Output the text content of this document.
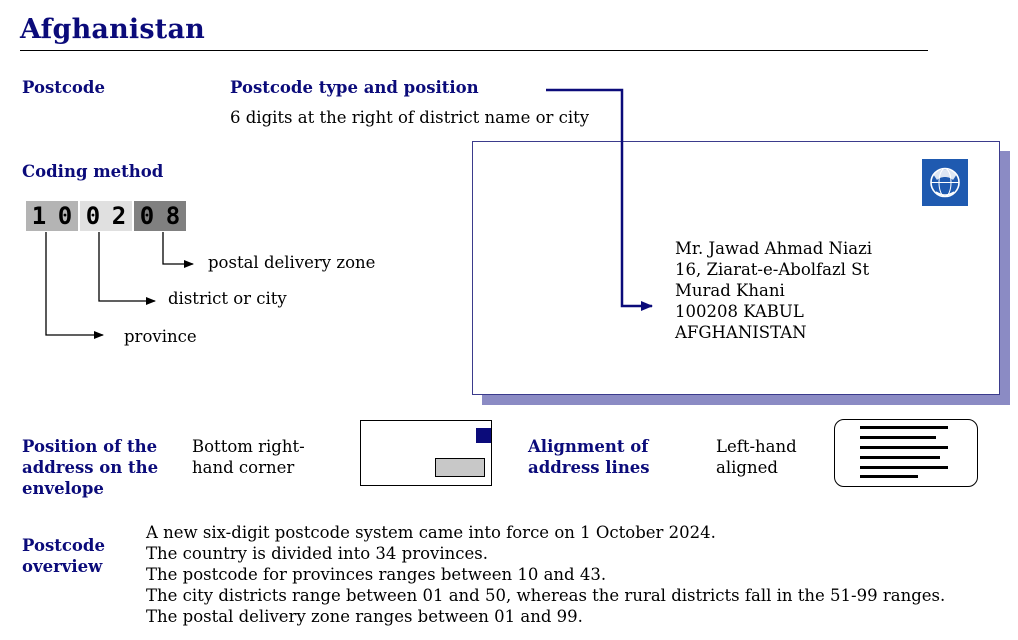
Afghanistan
Postcode	Postcode type and position
6 digits at the right of district name or city
Coding method
1 0 0 2 0 8
postal delivery zone
district or city
province
Mr. Jawad Ahmad Niazi
16, Ziarat-e-Abolfazl St
Murad Khani
100208 KABUL
AFGHANISTAN
Position of the
address on the
envelope
Bottom right-
hand corner
Alignment of
address lines
Left-hand
aligned
Postcode
overview
A new six-digit postcode system came into force on 1 October 2024.
The country is divided into 34 provinces.
The postcode for provinces ranges between 10 and 43.
The city districts range between 01 and 50, whereas the rural districts fall in the 51-99 ranges.
The postal delivery zone ranges between 01 and 99.
